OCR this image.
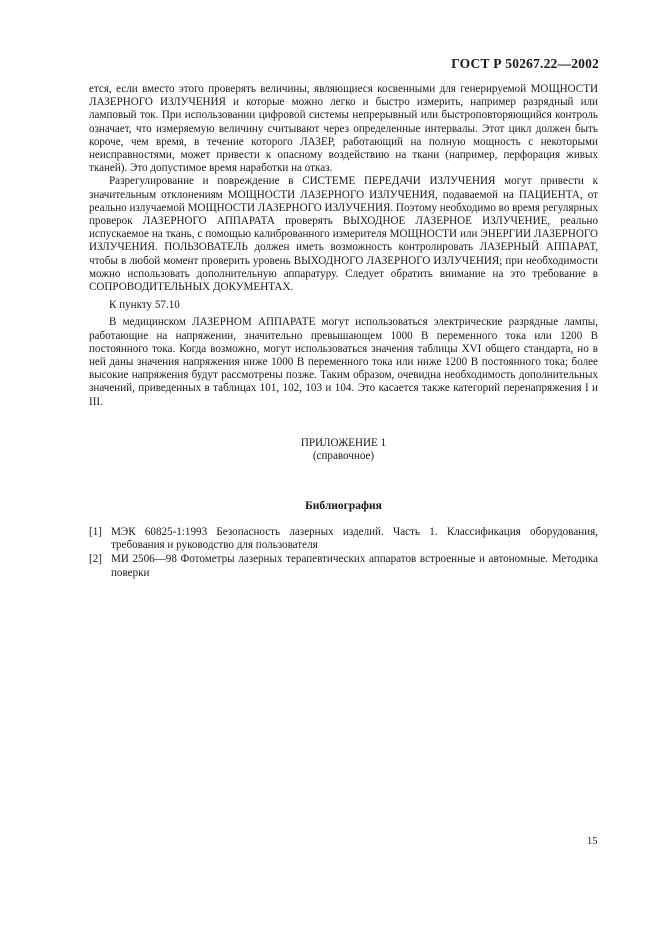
ГОСТ Р 50267.22—2002

ется, если вместо этого проверять величины, являющиеся косвенными для генерируемой МОЩНОСТИ ЛАЗЕРНОГО ИЗЛУЧЕНИЯ и которые можно легко и быстро измерить, например разрядный или ламповый ток. При использовании цифровой системы непрерывный или быстроповторяющийся контроль означает, что измеряемую величину считывают через определенные интервалы. Этот цикл должен быть короче, чем время, в течение которого ЛАЗЕР, работающий на полную мощность с некоторыми неисправностями, может привести к опасному воздействию на ткани (например, перфорация живых тканей). Это допустимое время наработки на отказ.

Разрегулирование и повреждение в СИСТЕМЕ ПЕРЕДАЧИ ИЗЛУЧЕНИЯ могут привести к значительным отклонениям МОЩНОСТИ ЛАЗЕРНОГО ИЗЛУЧЕНИЯ, подаваемой на ПАЦИЕНТА, от реально излучаемой МОЩНОСТИ ЛАЗЕРНОГО ИЗЛУЧЕНИЯ. Поэтому необходимо во время регулярных проверок ЛАЗЕРНОГО АППАРАТА проверять ВЫХОДНОЕ ЛАЗЕРНОЕ ИЗЛУЧЕНИЕ, реально испускаемое на ткань, с помощью калиброванного измерителя МОЩНОСТИ или ЭНЕРГИИ ЛАЗЕРНОГО ИЗЛУЧЕНИЯ. ПОЛЬЗОВАТЕЛЬ должен иметь возможность контролировать ЛАЗЕРНЫЙ АППАРАТ, чтобы в любой момент проверить уровень ВЫХОДНОГО ЛАЗЕРНОГО ИЗЛУЧЕНИЯ; при необходимости можно использовать дополнительную аппаратуру. Следует обратить внимание на это требование в СОПРОВОДИТЕЛЬНЫХ ДОКУМЕНТАХ.

К пункту 57.10

В медицинском ЛАЗЕРНОМ АППАРАТЕ могут использоваться электрические разрядные лампы, работающие на напряжении, значительно превышающем 1000 В переменного тока или 1200 В постоянного тока. Когда возможно, могут использоваться значения таблицы XVI общего стандарта, но в ней даны значения напряжения ниже 1000 В переменного тока или ниже 1200 В постоянного тока; более высокие напряжения будут рассмотрены позже. Таким образом, очевидна необходимость дополнительных значений, приведенных в таблицах 101, 102, 103 и 104. Это касается также категорий перенапряжения I и III.

ПРИЛОЖЕНИЕ 1
(справочное)
Библиография
[1] МЭК 60825-1:1993 Безопасность лазерных изделий. Часть 1. Классификация оборудования, требования и руководство для пользователя
[2] МИ 2506—98 Фотометры лазерных терапевтических аппаратов встроенные и автономные. Методика поверки
15
